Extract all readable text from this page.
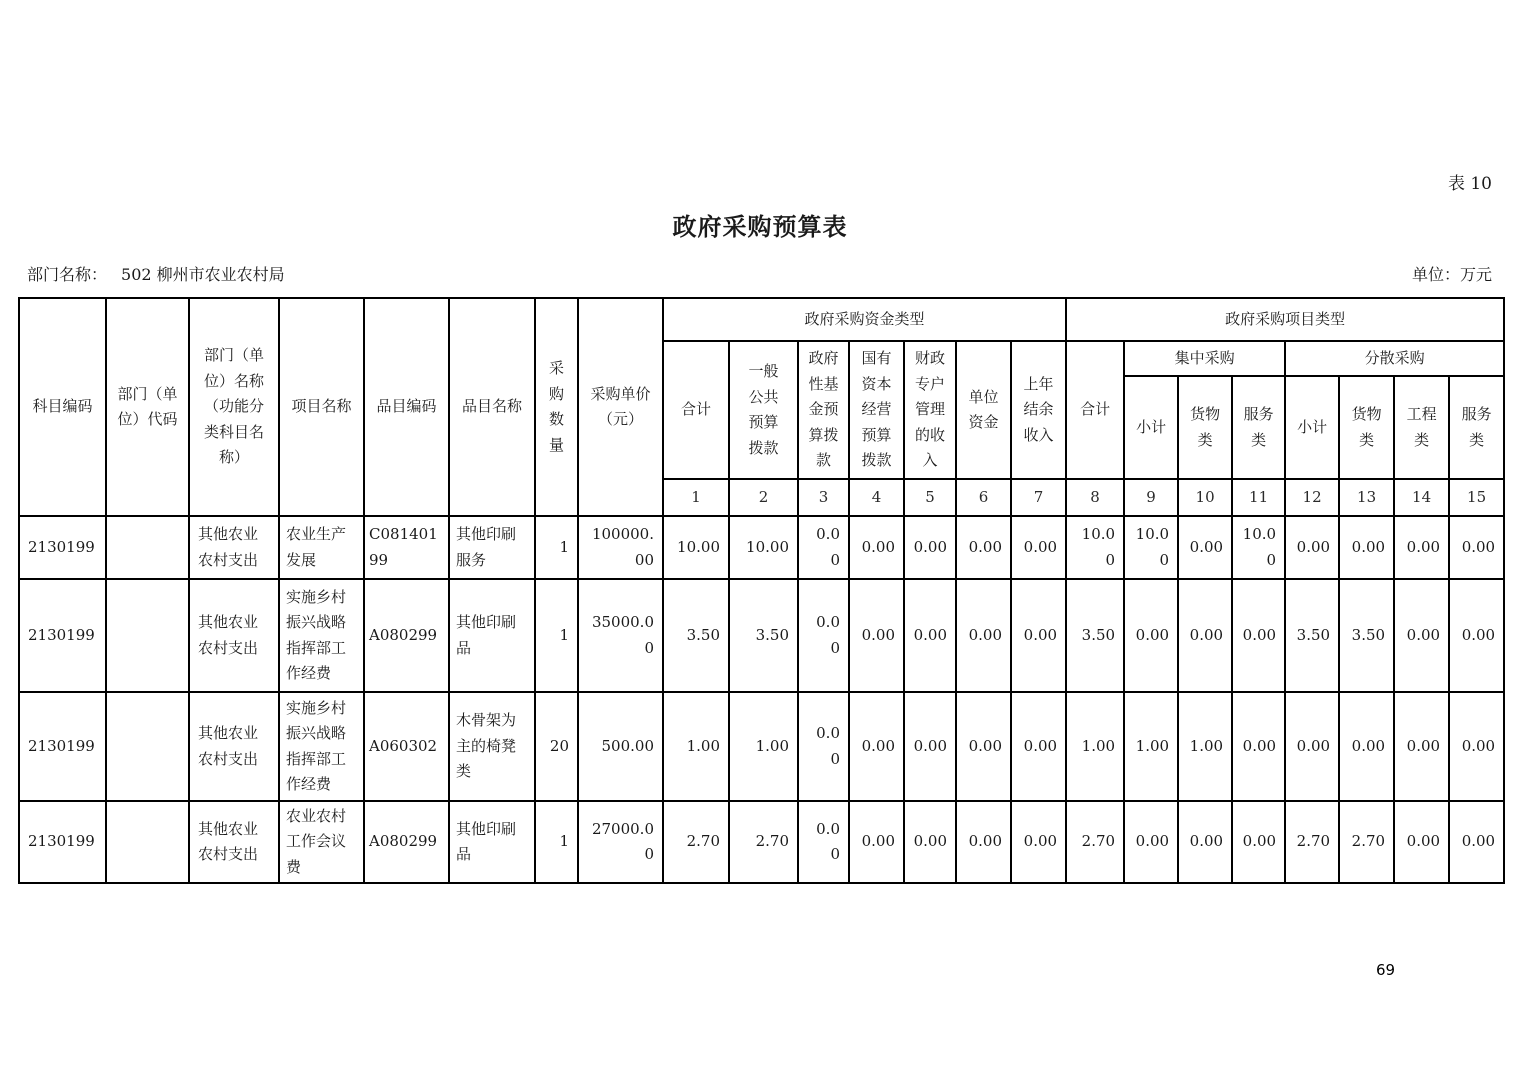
表 10
政府采购预算表
部门名称： 502 柳州市农业农村局	单位：万元
科目编码	部门（单位）代码	部门（单位）名称（功能分类科目名称）	项目名称	品目编码	品目名称	采购数量	采购单价（元）	政府采购资金类型							政府采购项目类型							
								合计	一般公共预算拨款	政府性基金预算拨款	国有资本经营预算拨款	财政专户管理的收入	单位资金	上年结余收入	合计	集中采购			分散采购			
																小计	货物类	服务类	小计	货物类	工程类	服务类
								1	2	3	4	5	6	7	8	9	10	11	12	13	14	15
2130199		其他农业农村支出	农业生产发展	C08140199	其他印刷服务	1	100000.00	10.00	10.00	0.00	0.00	0.00	0.00	0.00	10.00	10.00	0.00	10.00	0.00	0.00	0.00	0.00
2130199		其他农业农村支出	实施乡村振兴战略指挥部工作经费	A080299	其他印刷品	1	35000.00	3.50	3.50	0.00	0.00	0.00	0.00	0.00	3.50	0.00	0.00	0.00	3.50	3.50	0.00	0.00
2130199		其他农业农村支出	实施乡村振兴战略指挥部工作经费	A060302	木骨架为主的椅凳类	20	500.00	1.00	1.00	0.00	0.00	0.00	0.00	0.00	1.00	1.00	1.00	0.00	0.00	0.00	0.00	0.00
2130199		其他农业农村支出	农业农村工作会议费	A080299	其他印刷品	1	27000.00	2.70	2.70	0.00	0.00	0.00	0.00	0.00	2.70	0.00	0.00	0.00	2.70	2.70	0.00	0.00
69
